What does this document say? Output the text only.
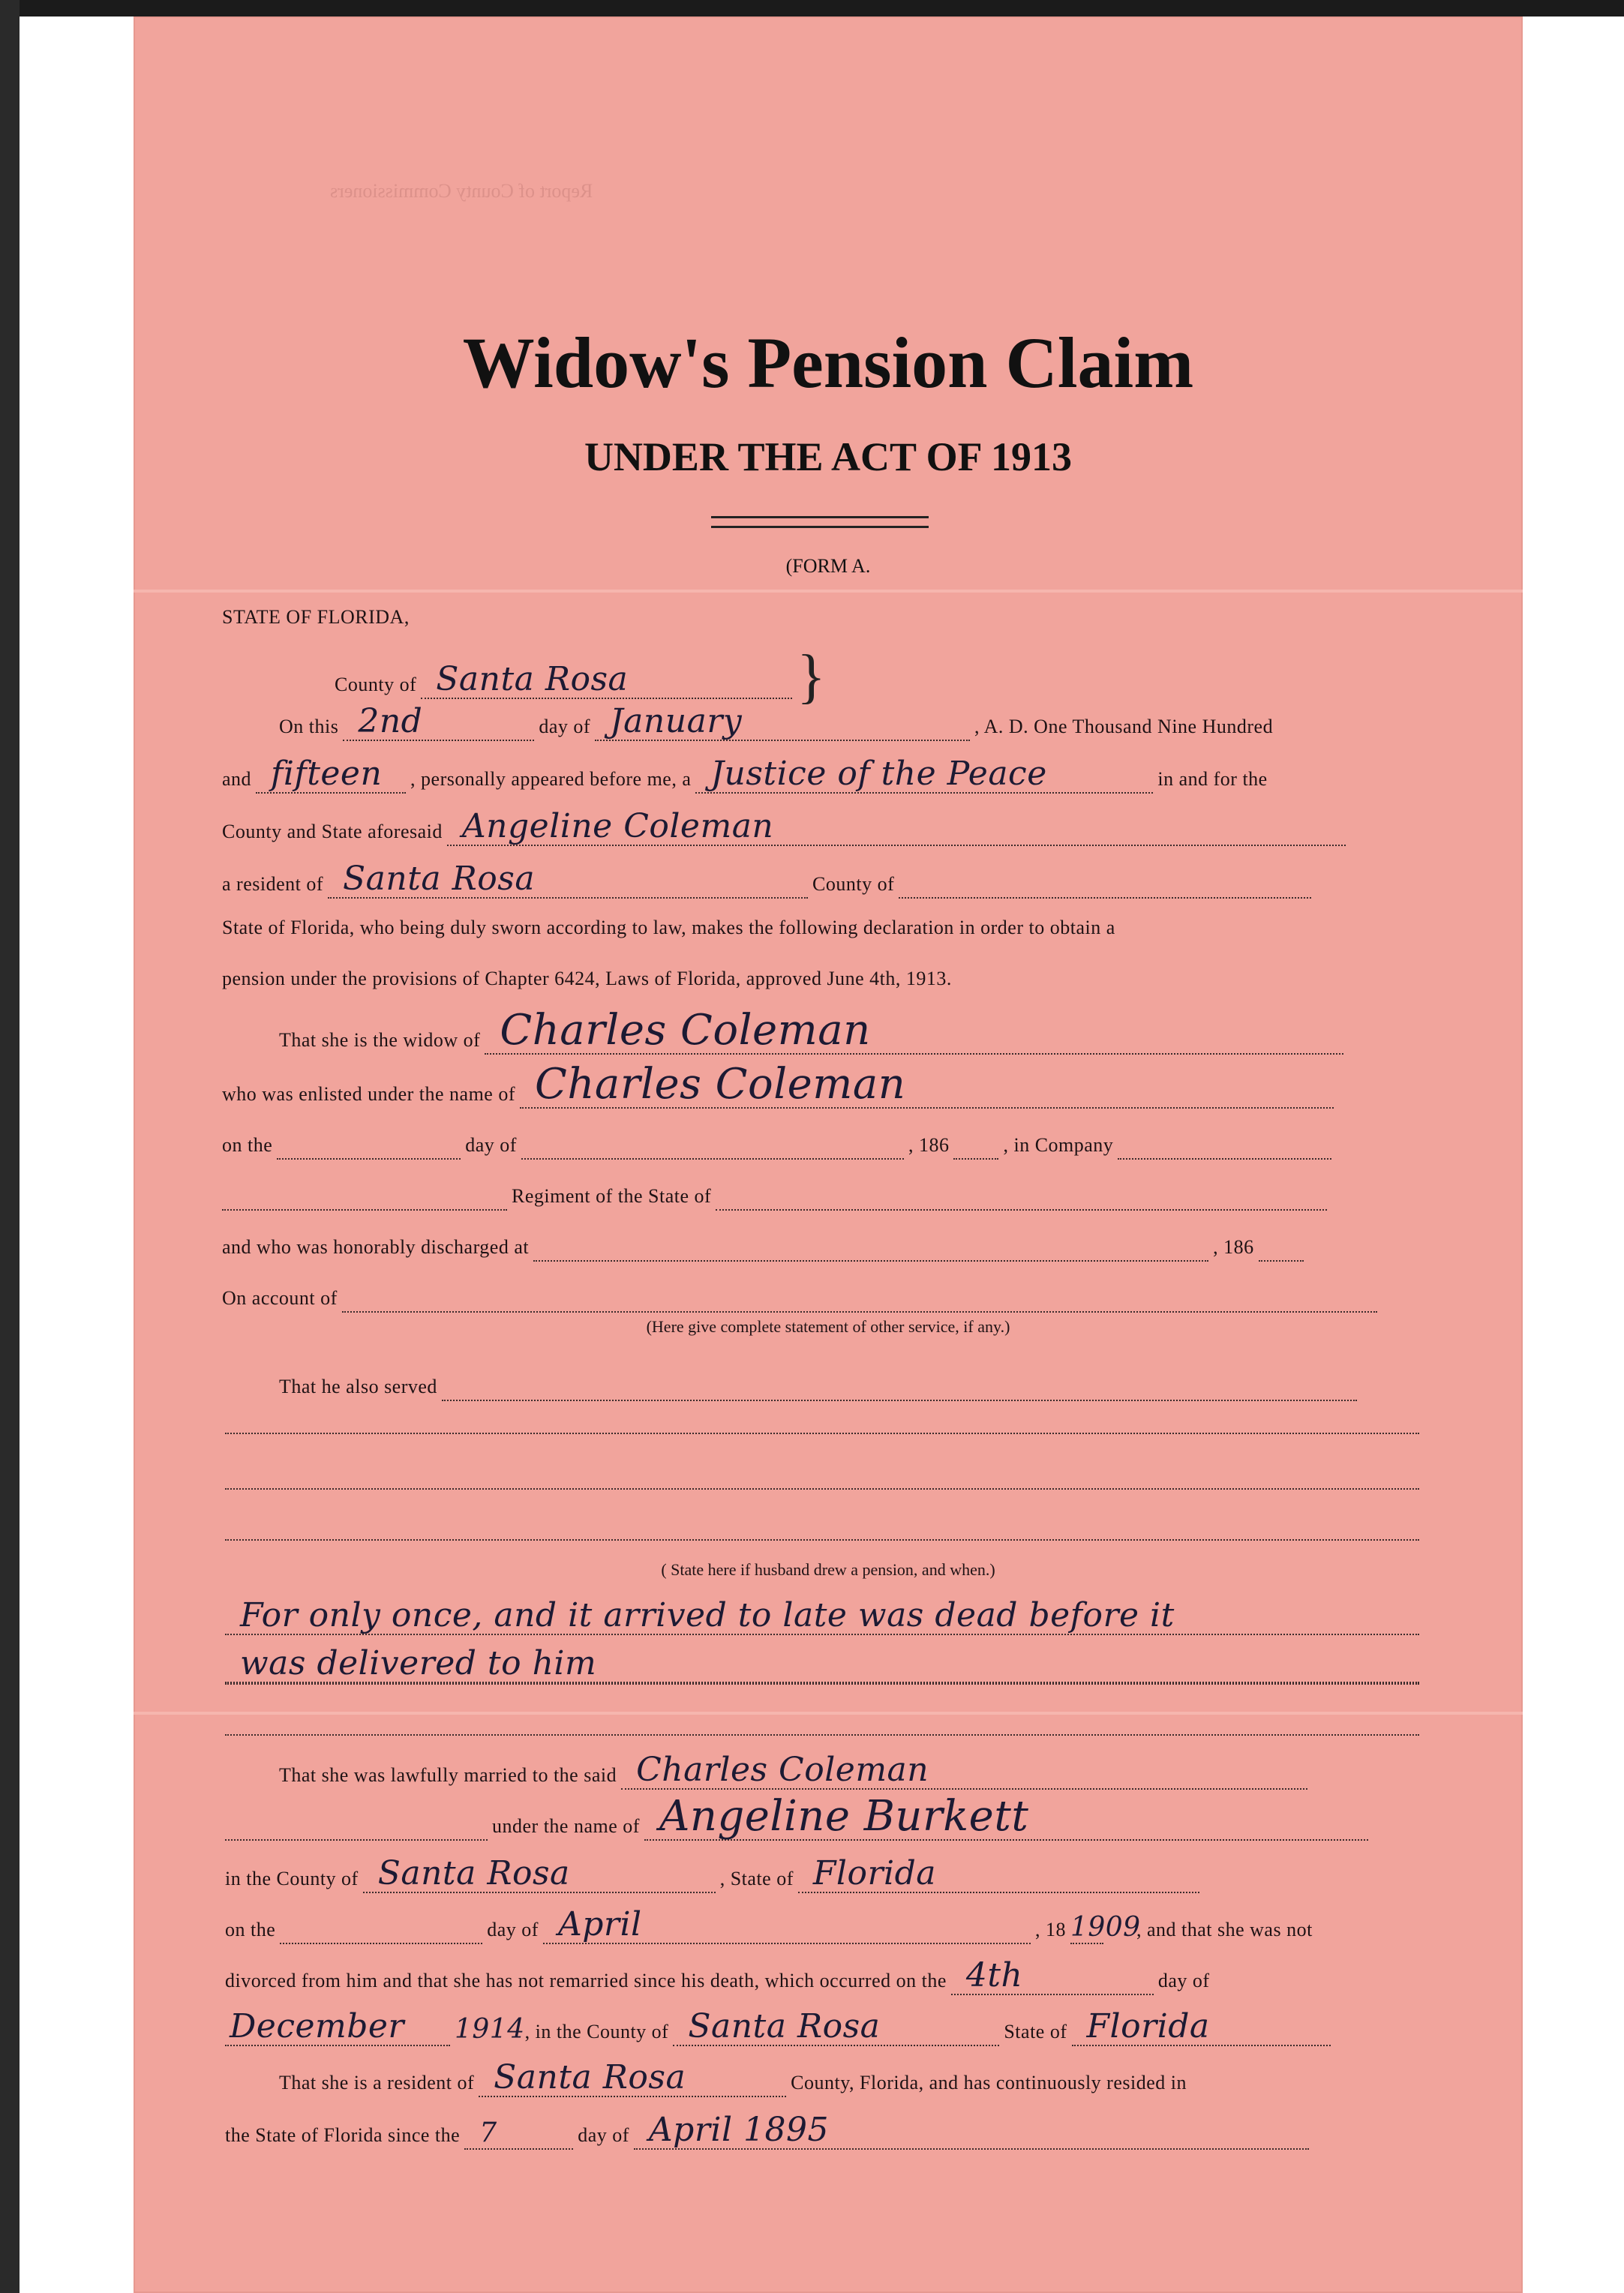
Report of County Commissioners
Widow's Pension Claim
UNDER THE ACT OF 1913
(FORM A.
STATE OF FLORIDA,
County of Santa Rosa	}
On this 2nd	day of January	, A. D. One Thousand Nine Hundred
and fifteen , personally appeared before me, a Justice of the Peace	in and for the
County and State aforesaid Angeline Coleman
a resident of Santa Rosa	County of
State of Florida, who being duly sworn according to law, makes the following declaration in order to obtain a
pension under the provisions of Chapter 6424, Laws of Florida, approved June 4th, 1913.
That she is the widow of Charles Coleman
who was enlisted under the name of Charles Coleman
on the	day of	, 186	, in Company
Regiment of the State of
and who was honorably discharged at	, 186
On account of
(Here give complete statement of other service, if any.)
That he also served
( State here if husband drew a pension, and when.)
For only once, and it arrived to late was dead before it
was delivered to him
That she was lawfully married to the said Charles Coleman
under the name of Angeline Burkett
in the County of Santa Rosa	, State of Florida
on the	day of April	, 18 1909
, and that she was not
divorced from him and that she has not remarried since his death, which occurred on the 4th	day of
December 1914 , in the County of Santa Rosa	State of Florida
That she is a resident of Santa Rosa	County, Florida, and has continuously resided in
the State of Florida since the 7	day of April 1895
